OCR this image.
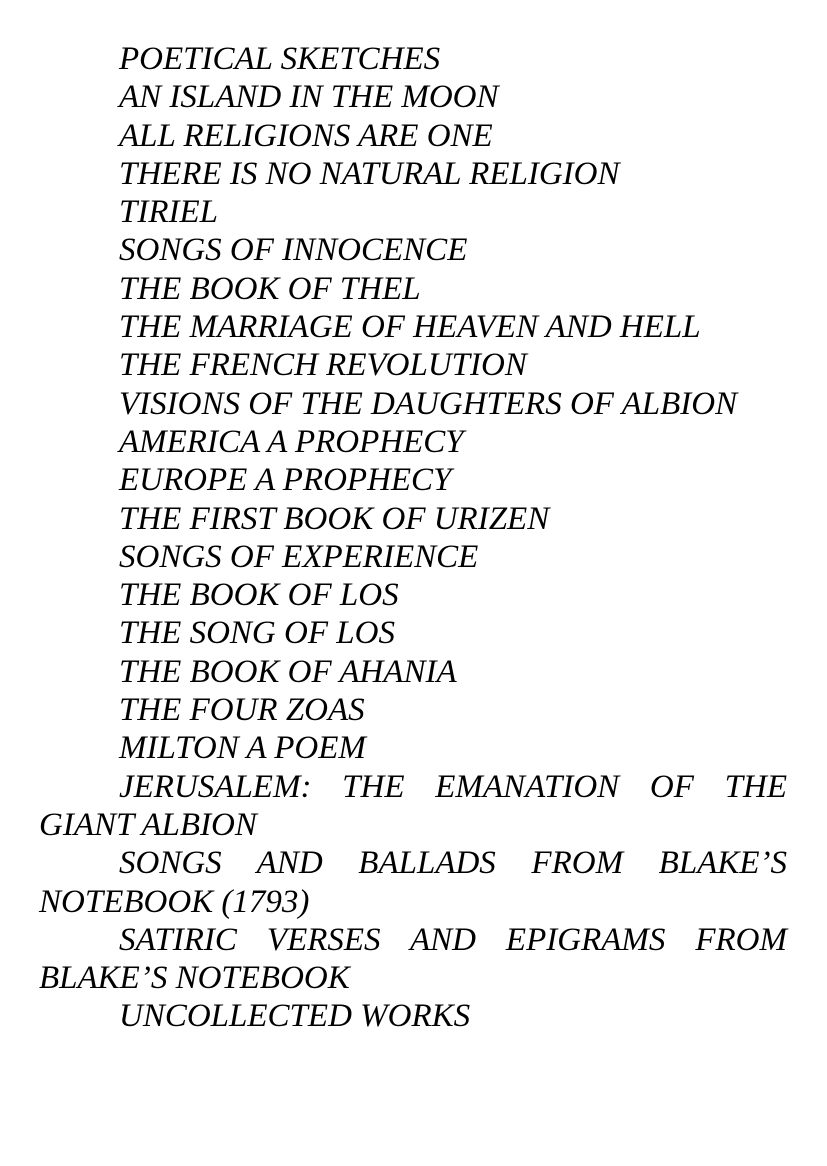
POETICAL SKETCHES

AN ISLAND IN THE MOON

ALL RELIGIONS ARE ONE

THERE IS NO NATURAL RELIGION

TIRIEL

SONGS OF INNOCENCE

THE BOOK OF THEL

THE MARRIAGE OF HEAVEN AND HELL

THE FRENCH REVOLUTION

VISIONS OF THE DAUGHTERS OF ALBION

AMERICA A PROPHECY

EUROPE A PROPHECY

THE FIRST BOOK OF URIZEN

SONGS OF EXPERIENCE

THE BOOK OF LOS

THE SONG OF LOS

THE BOOK OF AHANIA

THE FOUR ZOAS

MILTON A POEM

JERUSALEM: THE EMANATION OF THE GIANT ALBION

SONGS AND BALLADS FROM BLAKE’S NOTEBOOK (1793)

SATIRIC VERSES AND EPIGRAMS FROM BLAKE’S NOTEBOOK

UNCOLLECTED WORKS
